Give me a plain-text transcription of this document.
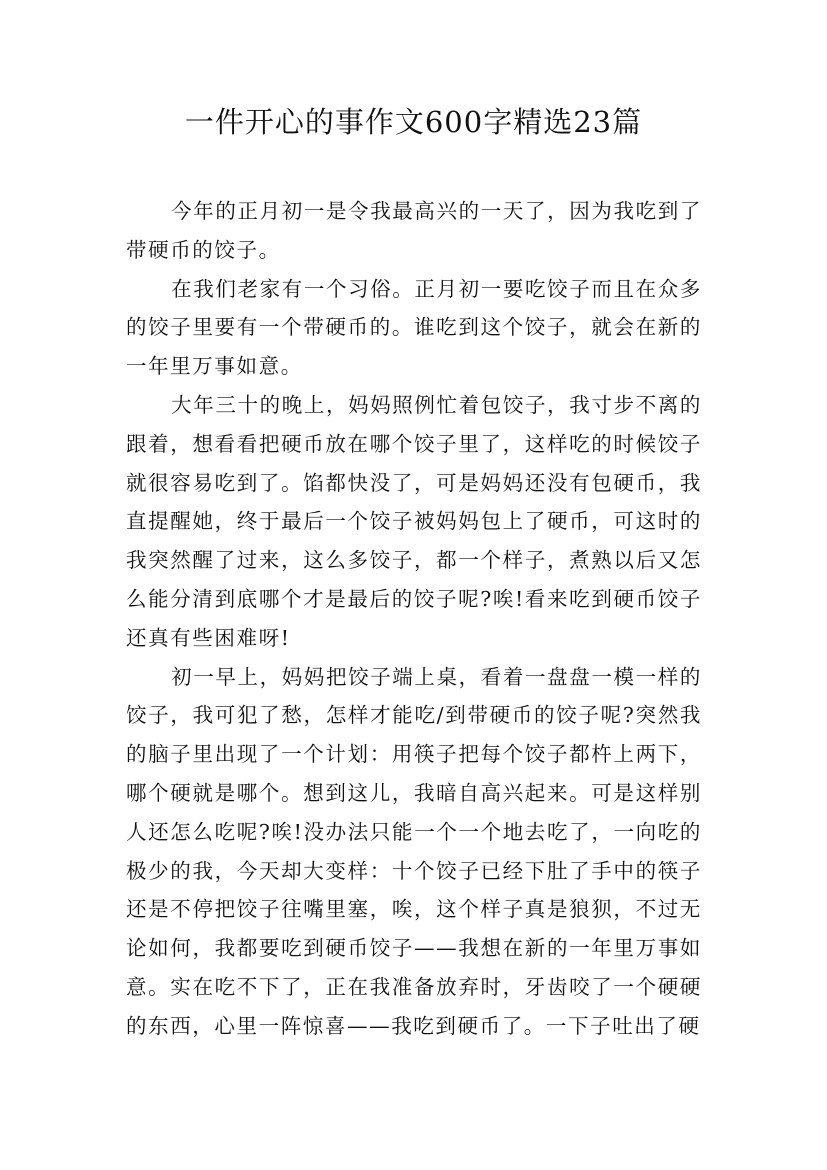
一件开心的事作文600字精选23篇

今年的正月初一是令我最高兴的一天了，因为我吃到了带硬币的饺子。

在我们老家有一个习俗。正月初一要吃饺子而且在众多的饺子里要有一个带硬币的。谁吃到这个饺子，就会在新的一年里万事如意。

大年三十的晚上，妈妈照例忙着包饺子，我寸步不离的跟着，想看看把硬币放在哪个饺子里了，这样吃的时候饺子就很容易吃到了。馅都快没了，可是妈妈还没有包硬币，我直提醒她，终于最后一个饺子被妈妈包上了硬币，可这时的我突然醒了过来，这么多饺子，都一个样子，煮熟以后又怎么能分清到底哪个才是最后的饺子呢?唉!看来吃到硬币饺子还真有些困难呀!

初一早上，妈妈把饺子端上桌，看着一盘盘一模一样的饺子，我可犯了愁，怎样才能吃/到带硬币的饺子呢?突然我的脑子里出现了一个计划：用筷子把每个饺子都杵上两下，哪个硬就是哪个。想到这儿，我暗自高兴起来。可是这样别人还怎么吃呢?唉!没办法只能一个一个地去吃了，一向吃的极少的我，今天却大变样：十个饺子已经下肚了手中的筷子还是不停把饺子往嘴里塞，唉，这个样子真是狼狈，不过无论如何，我都要吃到硬币饺子——我想在新的一年里万事如意。实在吃不下了，正在我准备放弃时，牙齿咬了一个硬硬的东西，心里一阵惊喜——我吃到硬币了。一下子吐出了硬
